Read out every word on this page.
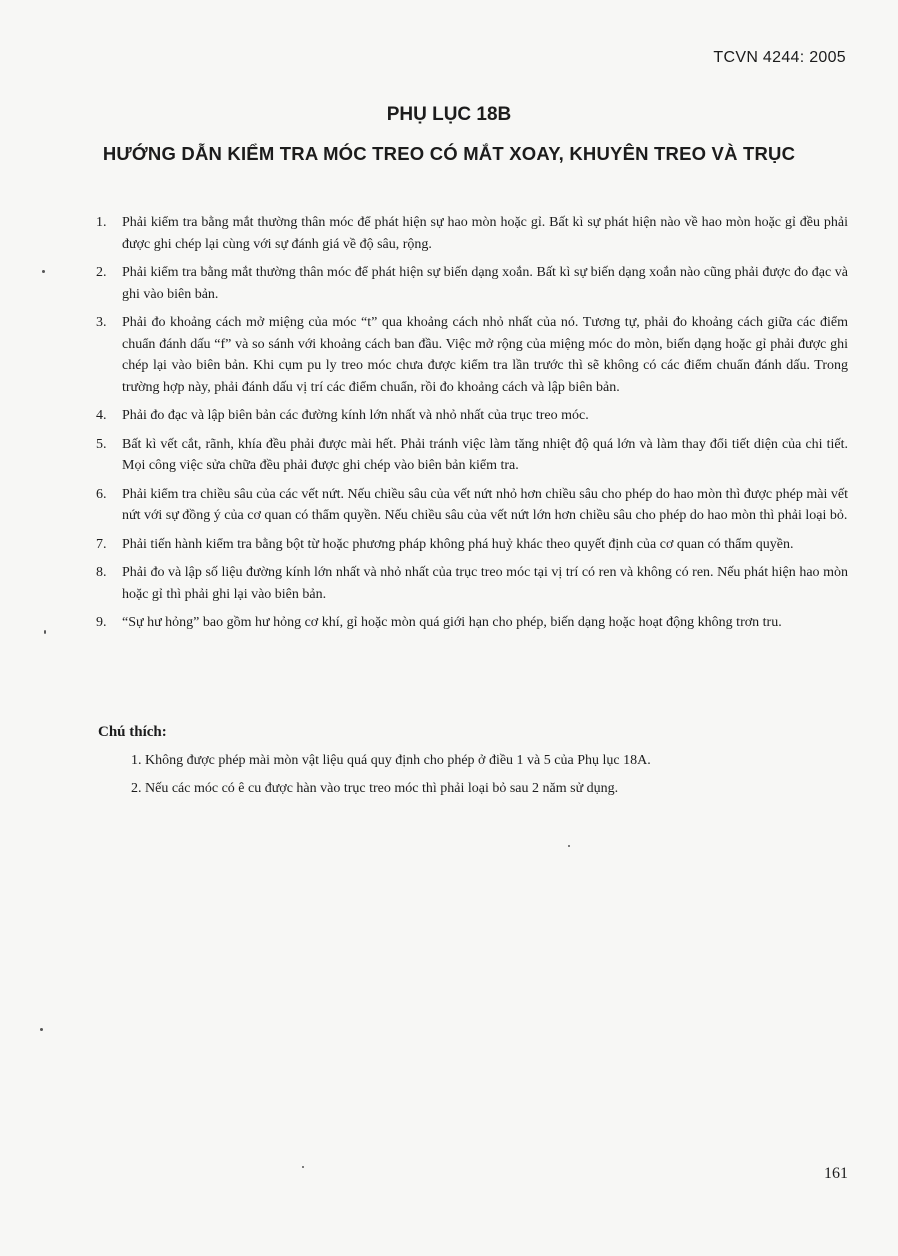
TCVN 4244: 2005
PHỤ LỤC 18B
HƯỚNG DẪN KIỂM TRA MÓC TREO CÓ MẮT XOAY, KHUYÊN TREO VÀ TRỤC
1. Phải kiểm tra bằng mắt thường thân móc để phát hiện sự hao mòn hoặc gỉ. Bất kì sự phát hiện nào về hao mòn hoặc gỉ đều phải được ghi chép lại cùng với sự đánh giá về độ sâu, rộng.
2. Phải kiểm tra bằng mắt thường thân móc để phát hiện sự biến dạng xoắn. Bất kì sự biến dạng xoắn nào cũng phải được đo đạc và ghi vào biên bản.
3. Phải đo khoảng cách mở miệng của móc “t” qua khoảng cách nhỏ nhất của nó. Tương tự, phải đo khoảng cách giữa các điểm chuẩn đánh dấu “f” và so sánh với khoảng cách ban đầu. Việc mở rộng của miệng móc do mòn, biến dạng hoặc gỉ phải được ghi chép lại vào biên bản. Khi cụm pu ly treo móc chưa được kiểm tra lần trước thì sẽ không có các điểm chuẩn đánh dấu. Trong trường hợp này, phải đánh dấu vị trí các điểm chuẩn, rồi đo khoảng cách và lập biên bản.
4. Phải đo đạc và lập biên bản các đường kính lớn nhất và nhỏ nhất của trục treo móc.
5. Bất kì vết cắt, rãnh, khía đều phải được mài hết. Phải tránh việc làm tăng nhiệt độ quá lớn và làm thay đổi tiết diện của chi tiết. Mọi công việc sửa chữa đều phải được ghi chép vào biên bản kiểm tra.
6. Phải kiểm tra chiều sâu của các vết nứt. Nếu chiều sâu của vết nứt nhỏ hơn chiều sâu cho phép do hao mòn thì được phép mài vết nứt với sự đồng ý của cơ quan có thẩm quyền. Nếu chiều sâu của vết nứt lớn hơn chiều sâu cho phép do hao mòn thì phải loại bỏ.
7. Phải tiến hành kiểm tra bằng bột từ hoặc phương pháp không phá huỷ khác theo quyết định của cơ quan có thẩm quyền.
8. Phải đo và lập số liệu đường kính lớn nhất và nhỏ nhất của trục treo móc tại vị trí có ren và không có ren. Nếu phát hiện hao mòn hoặc gỉ thì phải ghi lại vào biên bản.
9. “Sự hư hỏng” bao gồm hư hỏng cơ khí, gỉ hoặc mòn quá giới hạn cho phép, biến dạng hoặc hoạt động không trơn tru.
Chú thích:
1. Không được phép mài mòn vật liệu quá quy định cho phép ở điều 1 và 5 của Phụ lục 18A.
2. Nếu các móc có ê cu được hàn vào trục treo móc thì phải loại bỏ sau 2 năm sử dụng.
161
